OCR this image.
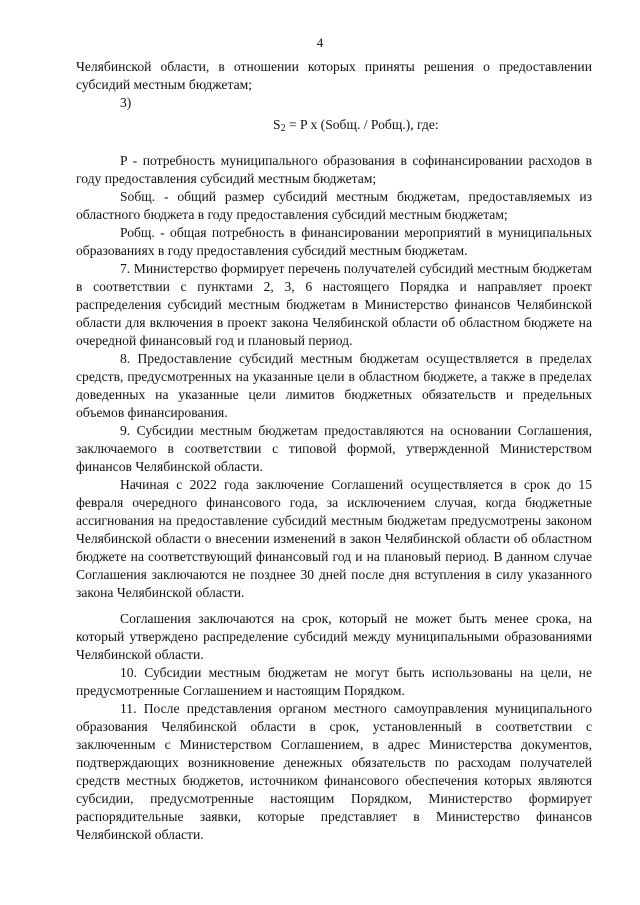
4

Челябинской области, в отношении которых приняты решения о предоставлении субсидий местным бюджетам;

3)

$S_2 = P$ x (Sобщ. / Робщ.), где:

P - потребность муниципального образования в софинансировании расходов в году предоставления субсидий местным бюджетам;

Sобщ. - общий размер субсидий местным бюджетам, предоставляемых из областного бюджета в году предоставления субсидий местным бюджетам;

Робщ. - общая потребность в финансировании мероприятий в муниципальных образованиях в году предоставления субсидий местным бюджетам.

7. Министерство формирует перечень получателей субсидий местным бюджетам в соответствии с пунктами 2, 3, 6 настоящего Порядка и направляет проект распределения субсидий местным бюджетам в Министерство финансов Челябинской области для включения в проект закона Челябинской области об областном бюджете на очередной финансовый год и плановый период.

8. Предоставление субсидий местным бюджетам осуществляется в пределах средств, предусмотренных на указанные цели в областном бюджете, а также в пределах доведенных на указанные цели лимитов бюджетных обязательств и предельных объемов финансирования.

9. Субсидии местным бюджетам предоставляются на основании Соглашения, заключаемого в соответствии с типовой формой, утвержденной Министерством финансов Челябинской области.

Начиная с 2022 года заключение Соглашений осуществляется в срок до 15 февраля очередного финансового года, за исключением случая, когда бюджетные ассигнования на предоставление субсидий местным бюджетам предусмотрены законом Челябинской области о внесении изменений в закон Челябинской области об областном бюджете на соответствующий финансовый год и на плановый период. В данном случае Соглашения заключаются не позднее 30 дней после дня вступления в силу указанного закона Челябинской области.

Соглашения заключаются на срок, который не может быть менее срока, на который утверждено распределение субсидий между муниципальными образованиями Челябинской области.

10. Субсидии местным бюджетам не могут быть использованы на цели, не предусмотренные Соглашением и настоящим Порядком.

11. После представления органом местного самоуправления муниципального образования Челябинской области в срок, установленный в соответствии с заключенным с Министерством Соглашением, в адрес Министерства документов, подтверждающих возникновение денежных обязательств по расходам получателей средств местных бюджетов, источником финансового обеспечения которых являются субсидии, предусмотренные настоящим Порядком, Министерство формирует распорядительные заявки, которые представляет в Министерство финансов Челябинской области.
